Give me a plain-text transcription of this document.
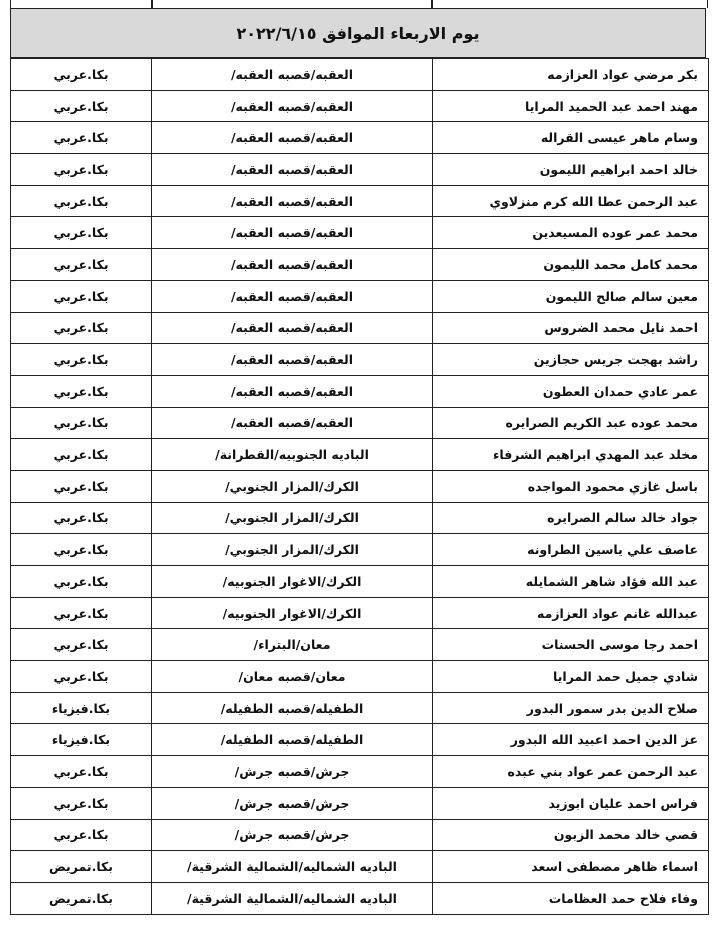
يوم الاربعاء الموافق ٢٠٢٢/٦/١٥
بكر مرضي عواد العزازمه	العقبه/قصبه العقبه/	بكا.عربي
مهند احمد عبد الحميد المرايا	العقبه/قصبه العقبه/	بكا.عربي
وسام ماهر عيسى القراله	العقبه/قصبه العقبه/	بكا.عربي
خالد احمد ابراهيم الليمون	العقبه/قصبه العقبه/	بكا.عربي
عبد الرحمن عطا الله كرم منزلاوي	العقبه/قصبه العقبه/	بكا.عربي
محمد عمر عوده المسيعدين	العقبه/قصبه العقبه/	بكا.عربي
محمد كامل محمد الليمون	العقبه/قصبه العقبه/	بكا.عربي
معين سالم صالح الليمون	العقبه/قصبه العقبه/	بكا.عربي
احمد نايل محمد الضروس	العقبه/قصبه العقبه/	بكا.عربي
راشد بهجت جريس حجازين	العقبه/قصبه العقبه/	بكا.عربي
عمر عادي حمدان العطون	العقبه/قصبه العقبه/	بكا.عربي
محمد عوده عبد الكريم الصرايره	العقبه/قصبه العقبه/	بكا.عربي
مخلد عبد المهدي ابراهيم الشرفاء	الباديه الجنوبيه/القطرانة/	بكا.عربي
باسل غازي محمود المواجده	الكرك/المزار الجنوبي/	بكا.عربي
جواد خالد سالم الصرايره	الكرك/المزار الجنوبي/	بكا.عربي
عاصف علي ياسين الطراونه	الكرك/المزار الجنوبي/	بكا.عربي
عبد الله فؤاد شاهر الشمايله	الكرك/الاغوار الجنوبيه/	بكا.عربي
عبدالله غانم عواد العزازمه	الكرك/الاغوار الجنوبيه/	بكا.عربي
احمد رجا موسى الحسنات	معان/البتراء/	بكا.عربي
شادي جميل حمد المرايا	معان/قصبه معان/	بكا.عربي
صلاح الدين بدر سمور البدور	الطفيله/قصبه الطفيله/	بكا.فيزياء
عز الدين احمد اعبيد الله البدور	الطفيله/قصبه الطفيله/	بكا.فيزياء
عبد الرحمن عمر عواد بني عبده	جرش/قصبه جرش/	بكا.عربي
فراس احمد عليان ابوزيد	جرش/قصبه جرش/	بكا.عربي
قصي خالد محمد الزبون	جرش/قصبه جرش/	بكا.عربي
اسماء ظاهر مصطفى اسعد	الباديه الشماليه/الشمالية الشرقية/	بكا.تمريض
وفاء فلاح حمد العظامات	الباديه الشماليه/الشمالية الشرقية/	بكا.تمريض
